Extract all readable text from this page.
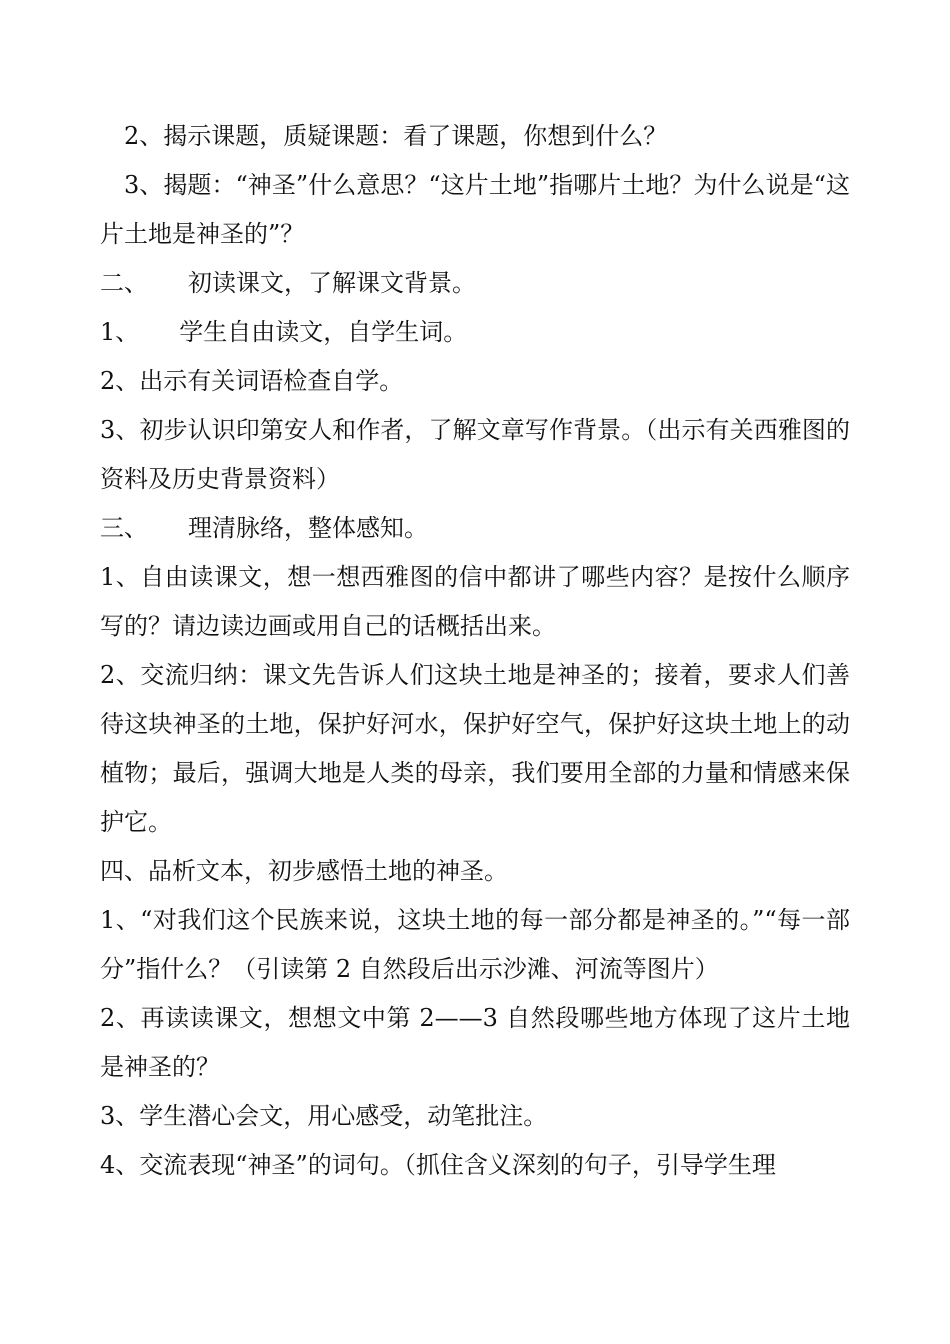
2、揭示课题，质疑课题：看了课题，你想到什么？

3、揭题：“神圣”什么意思？“这片土地”指哪片土地？为什么说是“这片土地是神圣的”？

二、 初读课文，了解课文背景。

1、 学生自由读文，自学生词。

2、出示有关词语检查自学。

3、初步认识印第安人和作者，了解文章写作背景。（出示有关西雅图的资料及历史背景资料）

三、 理清脉络，整体感知。

1、自由读课文，想一想西雅图的信中都讲了哪些内容？是按什么顺序写的？请边读边画或用自己的话概括出来。

2、交流归纳：课文先告诉人们这块土地是神圣的；接着，要求人们善待这块神圣的土地，保护好河水，保护好空气，保护好这块土地上的动植物；最后，强调大地是人类的母亲，我们要用全部的力量和情感来保护它。

四、品析文本，初步感悟土地的神圣。

1、“对我们这个民族来说，这块土地的每一部分都是神圣的。”“每一部分”指什么？（引读第 2 自然段后出示沙滩、河流等图片）

2、再读读课文，想想文中第 2——3 自然段哪些地方体现了这片土地是神圣的？

3、学生潜心会文，用心感受，动笔批注。

4、交流表现“神圣”的词句。（抓住含义深刻的句子，引导学生理
